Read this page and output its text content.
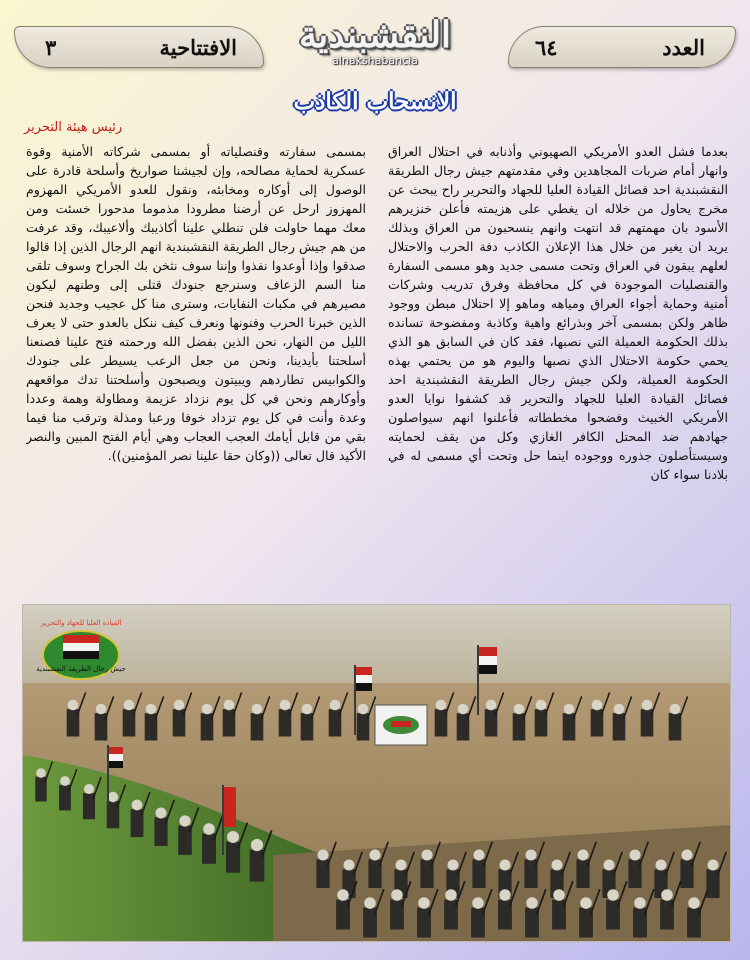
٣	الافتتاحية	النقشبندية
alnakshabancia
العدد
٦٤
الانسحاب الكاذب
رئيس هيئة التحرير
بعدما فشل العدو الأمريكي الصهيوني وأذنابه في احتلال العراق وانهار أمام ضربات المجاهدين وفي مقدمتهم جيش رجال الطريقة النقشبندية احد فصائل القيادة العليا للجهاد والتحرير راح يبحث عن مخرج يحاول من خلاله ان يغطي على هزيمته فأعلن خنزيرهم الأسود بان مهمتهم قد انتهت وانهم ينسحبون من العراق وبذلك يريد ان يغير من خلال هذا الإعلان الكاذب دفة الحرب والاحتلال لعلهم يبقون في العراق وتحت مسمى جديد وهو مسمى السفارة والقنصليات الموجودة في كل محافظة وفرق تدريب وشركات أمنية وحماية أجواء العراق ومياهه وماهو إلا احتلال مبطن ووجود ظاهر ولكن بمسمى آخر وبذرائع واهية وكاذبة ومفضوحة تسانده بذلك الحكومة العميلة التي نصبها، فقد كان في السابق هو الذي يحمي حكومة الاحتلال الذي نصبها واليوم هو من يحتمي بهذه الحكومة العميلة، ولكن جيش رجال الطريقة النقشبندية احد فصائل القيادة العليا للجهاد والتحرير قد كشفوا نوايا العدو الأمريكي الخبيث وفضحوا مخططاته فأعلنوا انهم سيواصلون جهادهم ضد المحتل الكافر الغازي وكل من يقف لحمايته وسيستأصلون جذوره ووجوده اينما حل وتحت أي مسمى له في بلادنا سواء كان
بمسمى سفارته وقنصلياته أو بمسمى شركاته الأمنية وقوة عسكرية لحماية مصالحه، وإن لجيشنا صواريخ وأسلحة قادرة على الوصول إلى أوكاره ومخابئه، ونقول للعدو الأمريكي المهزوم المهزوز ارحل عن أرضنا مطرودا مذموما مدحورا خسئت ومن معك مهما حاولت فلن تنطلي علينا أكاذيبك وألاعيبك، وقد عرفت من هم جيش رجال الطريقة النقشبندية انهم الرجال الذين إذا قالوا صدقوا وإذا أوعدوا نفذوا وإننا سوف نثخن بك الجراح وسوف تلقى منا السم الزعاف وسنرجع جنودك قتلى إلى وطنهم ليكون مصيرهم في مكبات النفايات، وسترى منا كل عجيب وجديد فنحن الذين خبرنا الحرب وفنونها ونعرف كيف ننكل بالعدو حتى لا يعرف الليل من النهار، نحن الذين بفضل الله ورحمته فتح علينا فصنعنا أسلحتنا بأيدينا، ونحن من جعل الرعب يسيطر على جنودك والكوابيس تطاردهم ويبيتون ويصبحون وأسلحتنا تدك مواقعهم وأوكارهم ونحن في كل يوم نزداد عزيمة ومطاولة وهمة وعددا وعدة وأنت في كل يوم تزداد خوفا ورعبا ومذلة وترقب منا فيما بقي من قابل أيامك العجب العجاب وهي أيام الفتح المبين والنصر الأكيد قال تعالى ((وكان حقا علينا نصر المؤمنين)).
القيادة العليا للجهاد والتحرير
جيش رجال الطريقة النقشبندية
